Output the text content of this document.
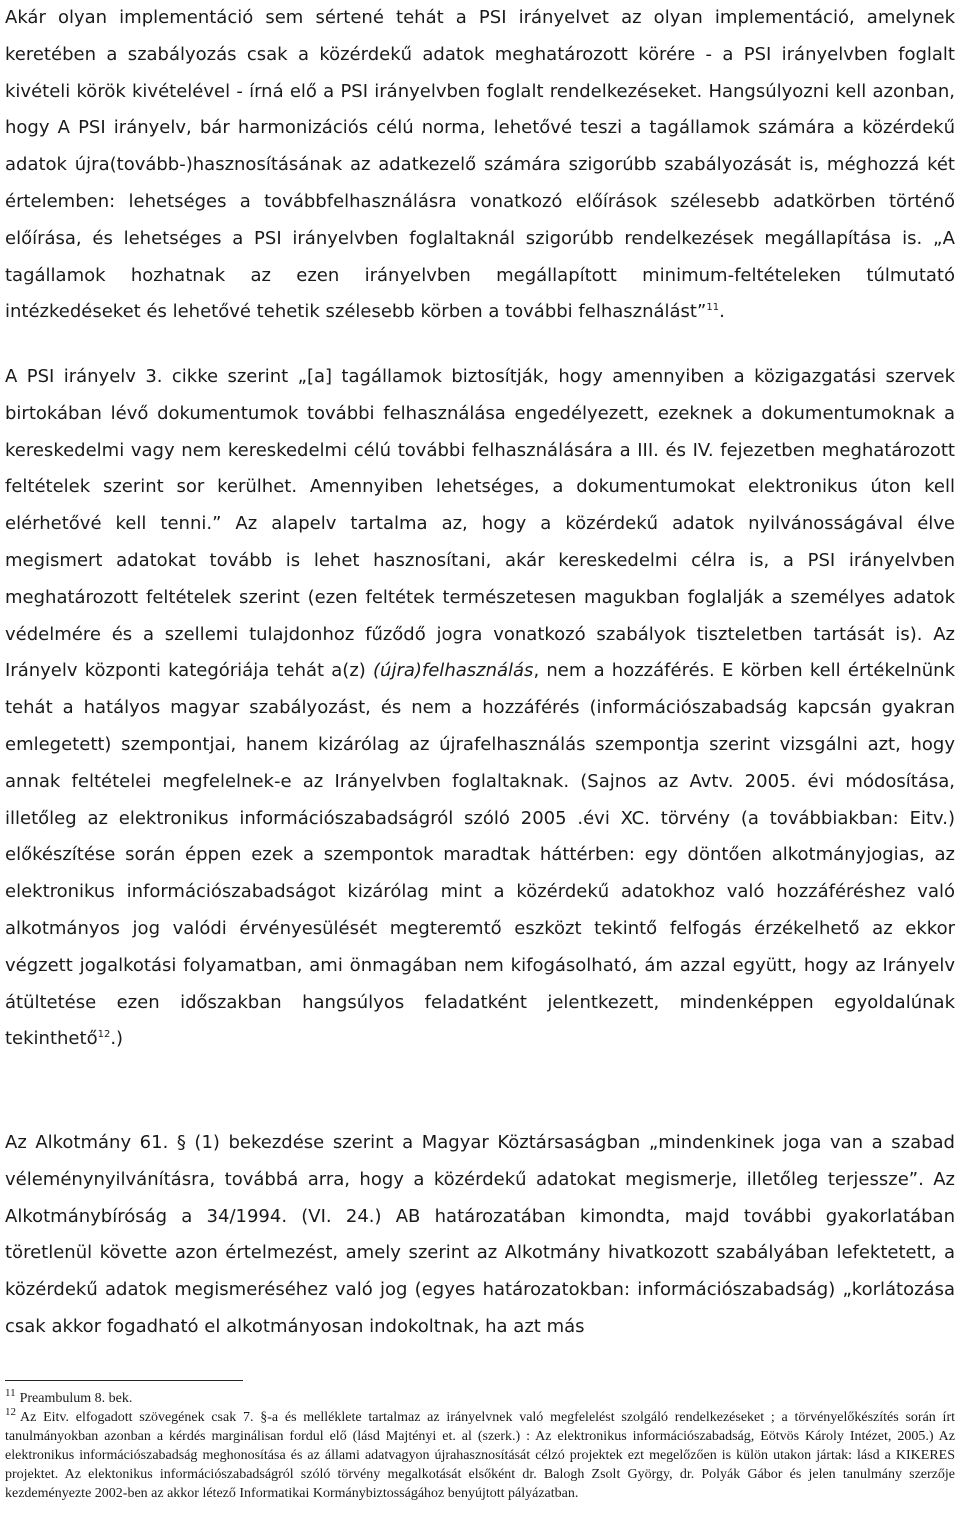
Akár olyan implementáció sem sértené tehát a PSI irányelvet az olyan implementáció, amelynek keretében a szabályozás csak a közérdekű adatok meghatározott körére - a PSI irányelvben foglalt kivételi körök kivételével - írná elő a PSI irányelvben foglalt rendelkezéseket. Hangsúlyozni kell azonban, hogy A PSI irányelv, bár harmonizációs célú norma, lehetővé teszi a tagállamok számára a közérdekű adatok újra(tovább-)hasznosításának az adatkezelő számára szigorúbb szabályozását is, méghozzá két értelemben: lehetséges a továbbfelhasználásra vonatkozó előírások szélesebb adatkörben történő előírása, és lehetséges a PSI irányelvben foglaltaknál szigorúbb rendelkezések megállapítása is. „A tagállamok hozhatnak az ezen irányelvben megállapított minimum-feltételeken túlmutató intézkedéseket és lehetővé tehetik szélesebb körben a további felhasználást”$^{11}$.

A PSI irányelv 3. cikke szerint „[a] tagállamok biztosítják, hogy amennyiben a közigazgatási szervek birtokában lévő dokumentumok további felhasználása engedélyezett, ezeknek a dokumentumoknak a kereskedelmi vagy nem kereskedelmi célú további felhasználására a III. és IV. fejezetben meghatározott feltételek szerint sor kerülhet. Amennyiben lehetséges, a dokumentumokat elektronikus úton kell elérhetővé kell tenni.” Az alapelv tartalma az, hogy a közérdekű adatok nyilvánosságával élve megismert adatokat tovább is lehet hasznosítani, akár kereskedelmi célra is, a PSI irányelvben meghatározott feltételek szerint (ezen feltétek természetesen magukban foglalják a személyes adatok védelmére és a szellemi tulajdonhoz fűződő jogra vonatkozó szabályok tiszteletben tartását is). Az Irányelv központi kategóriája tehát a(z) (újra)felhasználás, nem a hozzáférés. E körben kell értékelnünk tehát a hatályos magyar szabályozást, és nem a hozzáférés (információszabadság kapcsán gyakran emlegetett) szempontjai, hanem kizárólag az újrafelhasználás szempontja szerint vizsgálni azt, hogy annak feltételei megfelelnek-e az Irányelvben foglaltaknak. (Sajnos az Avtv. 2005. évi módosítása, illetőleg az elektronikus információszabadságról szóló 2005 .évi XC. törvény (a továbbiakban: Eitv.) előkészítése során éppen ezek a szempontok maradtak háttérben: egy döntően alkotmányjogias, az elektronikus információszabadságot kizárólag mint a közérdekű adatokhoz való hozzáféréshez való alkotmányos jog valódi érvényesülését megteremtő eszközt tekintő felfogás érzékelhető az ekkor végzett jogalkotási folyamatban, ami önmagában nem kifogásolható, ám azzal együtt, hogy az Irányelv átültetése ezen időszakban hangsúlyos feladatként jelentkezett, mindenképpen egyoldalúnak tekinthető$^{12}$.)

Az Alkotmány 61. § (1) bekezdése szerint a Magyar Köztársaságban „mindenkinek joga van a szabad véleménynyilvánításra, továbbá arra, hogy a közérdekű adatokat megismerje, illetőleg terjessze”. Az Alkotmánybíróság a 34/1994. (VI. 24.) AB határozatában kimondta, majd további gyakorlatában töretlenül követte azon értelmezést, amely szerint az Alkotmány hivatkozott szabályában lefektetett, a közérdekű adatok megismeréséhez való jog (egyes határozatokban: információszabadság) „korlátozása csak akkor fogadható el alkotmányosan indokoltnak, ha azt más

$^{11}$ Preambulum 8. bek.

$^{12}$ Az Eitv. elfogadott szövegének csak 7. §-a és melléklete tartalmaz az irányelvnek való megfelelést szolgáló rendelkezéseket ; a törvényelőkészítés során írt tanulmányokban azonban a kérdés marginálisan fordul elő (lásd Majtényi et. al (szerk.) : Az elektronikus információszabadság, Eötvös Károly Intézet, 2005.) Az elektronikus információszabadság meghonosítása és az állami adatvagyon újrahasznosítását célzó projektek ezt megelőzően is külön utakon jártak: lásd a KIKERES projektet. Az elektonikus információszabadságról szóló törvény megalkotását elsőként dr. Balogh Zsolt György, dr. Polyák Gábor és jelen tanulmány szerzője kezdeményezte 2002-ben az akkor létező Informatikai Kormánybiztosságához benyújtott pályázatban.
